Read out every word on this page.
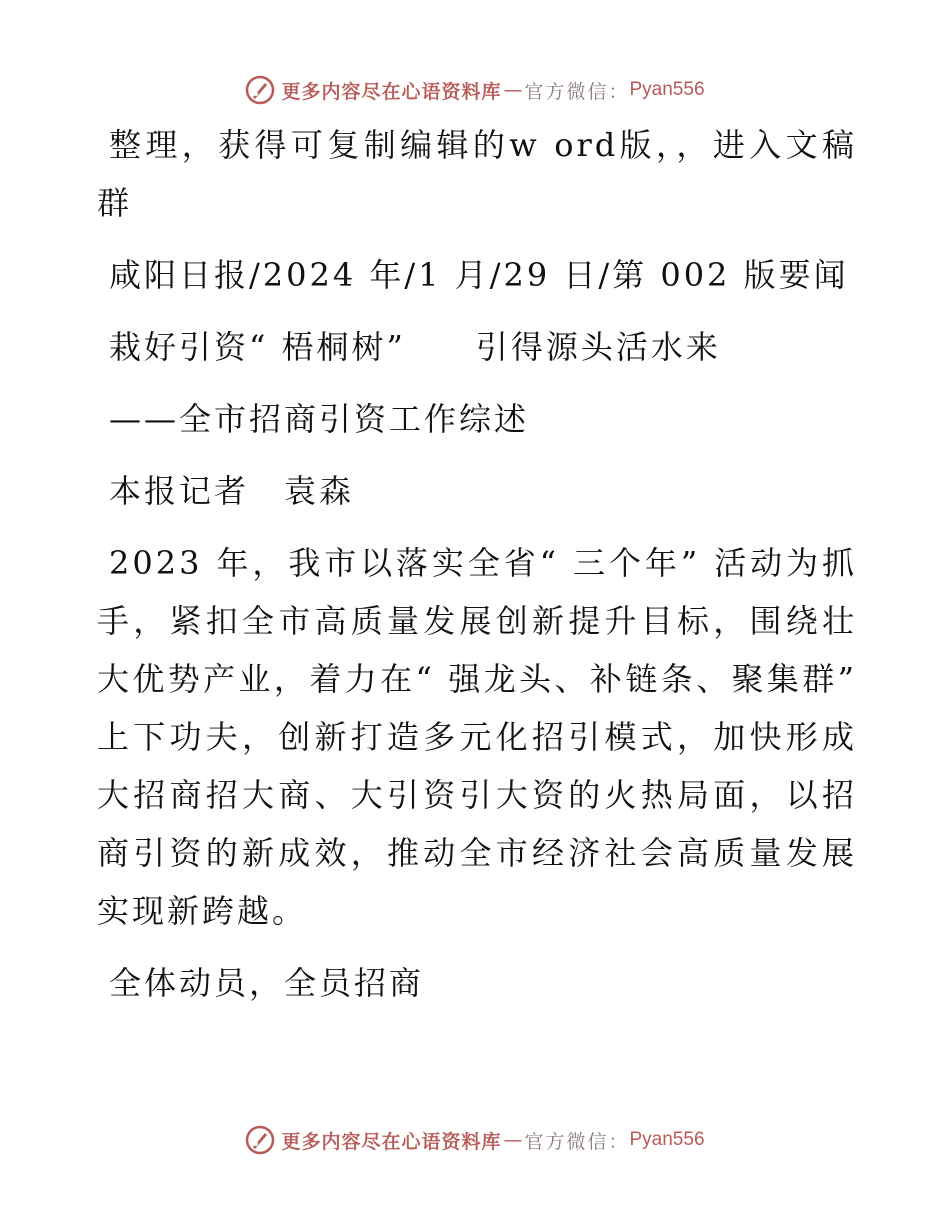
更多内容尽在心语资料库 — 官方微信： Pyan556

整理，获得可复制编辑的w ord版，，进入文稿群

咸阳日报/2024 年/1 月/29 日/第 002 版要闻

栽好引资“ 梧桐树”　　引得源头活水来

——全市招商引资工作综述

本报记者　袁森

2023 年，我市以落实全省“ 三个年” 活动为抓手，紧扣全市高质量发展创新提升目标，围绕壮大优势产业，着力在“ 强龙头、补链条、聚集群” 上下功夫，创新打造多元化招引模式，加快形成大招商招大商、大引资引大资的火热局面，以招商引资的新成效，推动全市经济社会高质量发展实现新跨越。

全体动员，全员招商

更多内容尽在心语资料库 — 官方微信： Pyan556
